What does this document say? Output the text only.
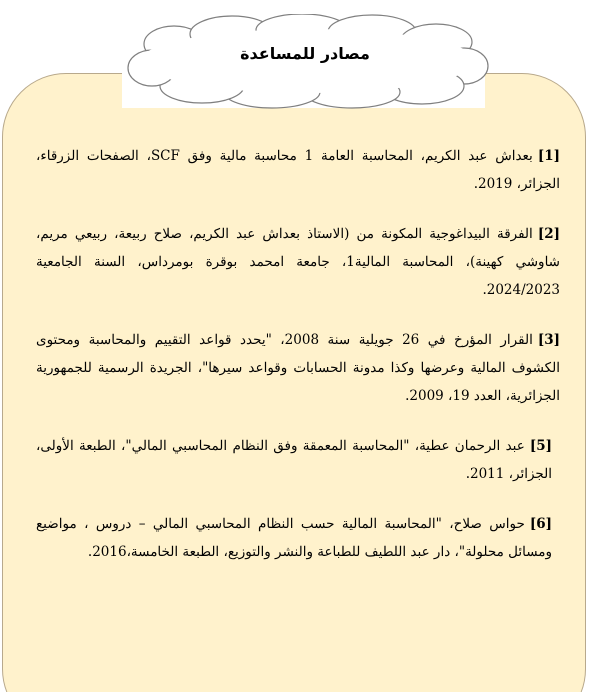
مصادر للمساعدة

[1]بعداش عبد الكريم، المحاسبة العامة 1 محاسبة مالية وفق SCF، الصفحات الزرقاء، الجزائر، 2019.

[2]الفرقة البيداغوجية المكونة من (الاستاذ بعداش عبد الكريم، صلاح ربيعة، ربيعي مريم، شاوشي كهينة)، المحاسبة المالية1، جامعة امحمد بوقرة بومرداس، السنة الجامعية 2024/2023.

[3]القرار المؤرخ في 26 جويلية سنة 2008، "يحدد قواعد التقييم والمحاسبة ومحتوى الكشوف المالية وعرضها وكذا مدونة الحسابات وقواعد سيرها"، الجريدة الرسمية للجمهورية الجزائرية، العدد 19، 2009.

[5]عبد الرحمان عطية، "المحاسبة المعمقة وفق النظام المحاسبي المالي"، الطبعة الأولى، الجزائر، 2011.

[6]حواس صلاح، "المحاسبة المالية حسب النظام المحاسبي المالي – دروس ، مواضيع ومسائل محلولة"، دار عبد اللطيف للطباعة والنشر والتوزيع، الطبعة الخامسة،2016.
